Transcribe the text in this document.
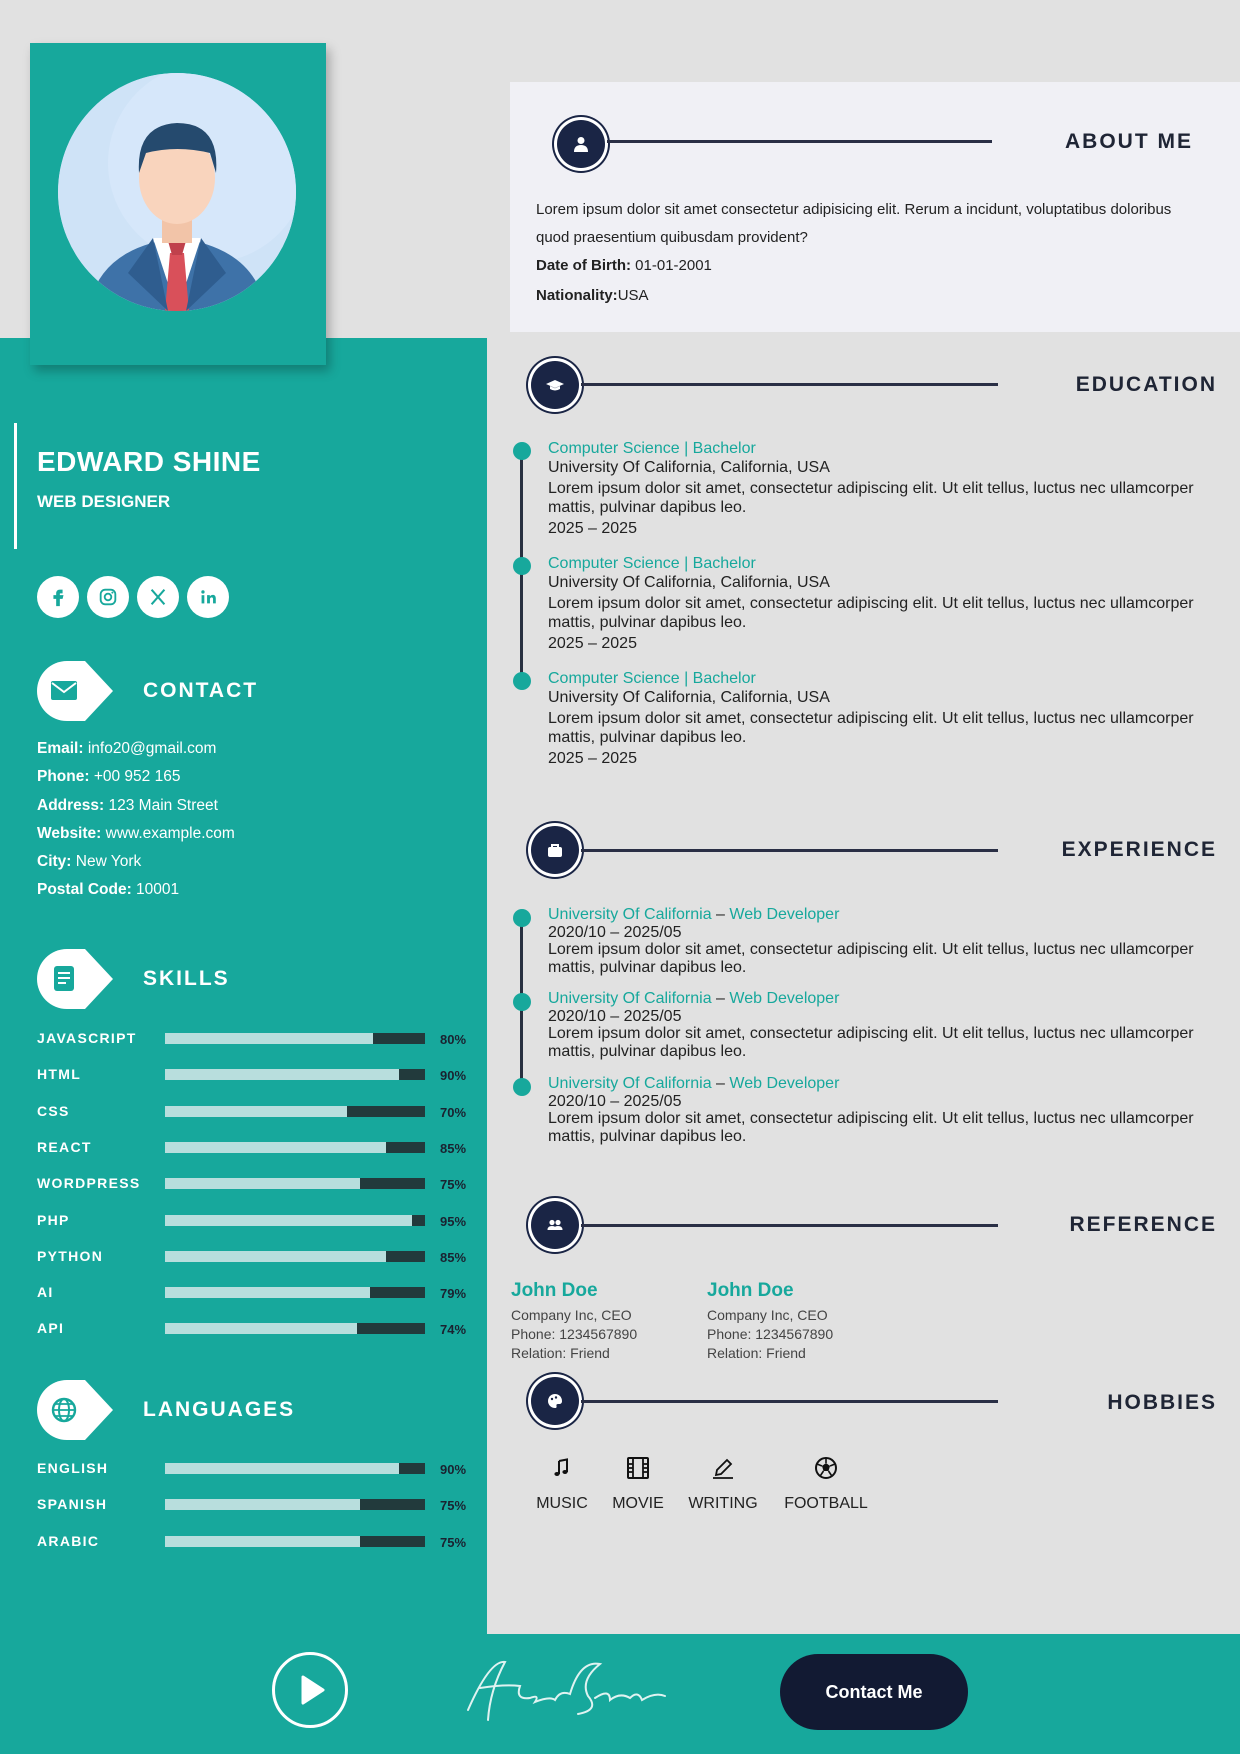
EDWARD SHINE
WEB DESIGNER
CONTACT
Email: info20@gmail.com
Phone: +00 952 165
Address: 123 Main Street
Website: www.example.com
City: New York
Postal Code: 10001
SKILLS
JAVASCRIPT	80%
HTML	90%
CSS	70%
REACT	85%
WORDPRESS	75%
PHP	95%
PYTHON	85%
AI	79%
API	74%
LANGUAGES
ENGLISH	90%
SPANISH	75%
ARABIC	75%
ABOUT ME
Lorem ipsum dolor sit amet consectetur adipisicing elit. Rerum a incidunt, voluptatibus doloribus quod praesentium quibusdam provident?
Date of Birth: 01-01-2001
Nationality:USA
EDUCATION
Computer Science | Bachelor
University Of California, California, USA
Lorem ipsum dolor sit amet, consectetur adipiscing elit. Ut elit tellus, luctus nec ullamcorper mattis, pulvinar dapibus leo.
2025 – 2025
Computer Science | Bachelor
University Of California, California, USA
Lorem ipsum dolor sit amet, consectetur adipiscing elit. Ut elit tellus, luctus nec ullamcorper mattis, pulvinar dapibus leo.
2025 – 2025
Computer Science | Bachelor
University Of California, California, USA
Lorem ipsum dolor sit amet, consectetur adipiscing elit. Ut elit tellus, luctus nec ullamcorper mattis, pulvinar dapibus leo.
2025 – 2025
EXPERIENCE
University Of California – Web Developer
2020/10 – 2025/05
Lorem ipsum dolor sit amet, consectetur adipiscing elit. Ut elit tellus, luctus nec ullamcorper mattis, pulvinar dapibus leo.
University Of California – Web Developer
2020/10 – 2025/05
Lorem ipsum dolor sit amet, consectetur adipiscing elit. Ut elit tellus, luctus nec ullamcorper mattis, pulvinar dapibus leo.
University Of California – Web Developer
2020/10 – 2025/05
Lorem ipsum dolor sit amet, consectetur adipiscing elit. Ut elit tellus, luctus nec ullamcorper mattis, pulvinar dapibus leo.
REFERENCE
John Doe
Company Inc, CEO
Phone: 1234567890
Relation: Friend
John Doe
Company Inc, CEO
Phone: 1234567890
Relation: Friend
HOBBIES
MUSIC	MOVIE	WRITING	FOOTBALL
Contact Me
